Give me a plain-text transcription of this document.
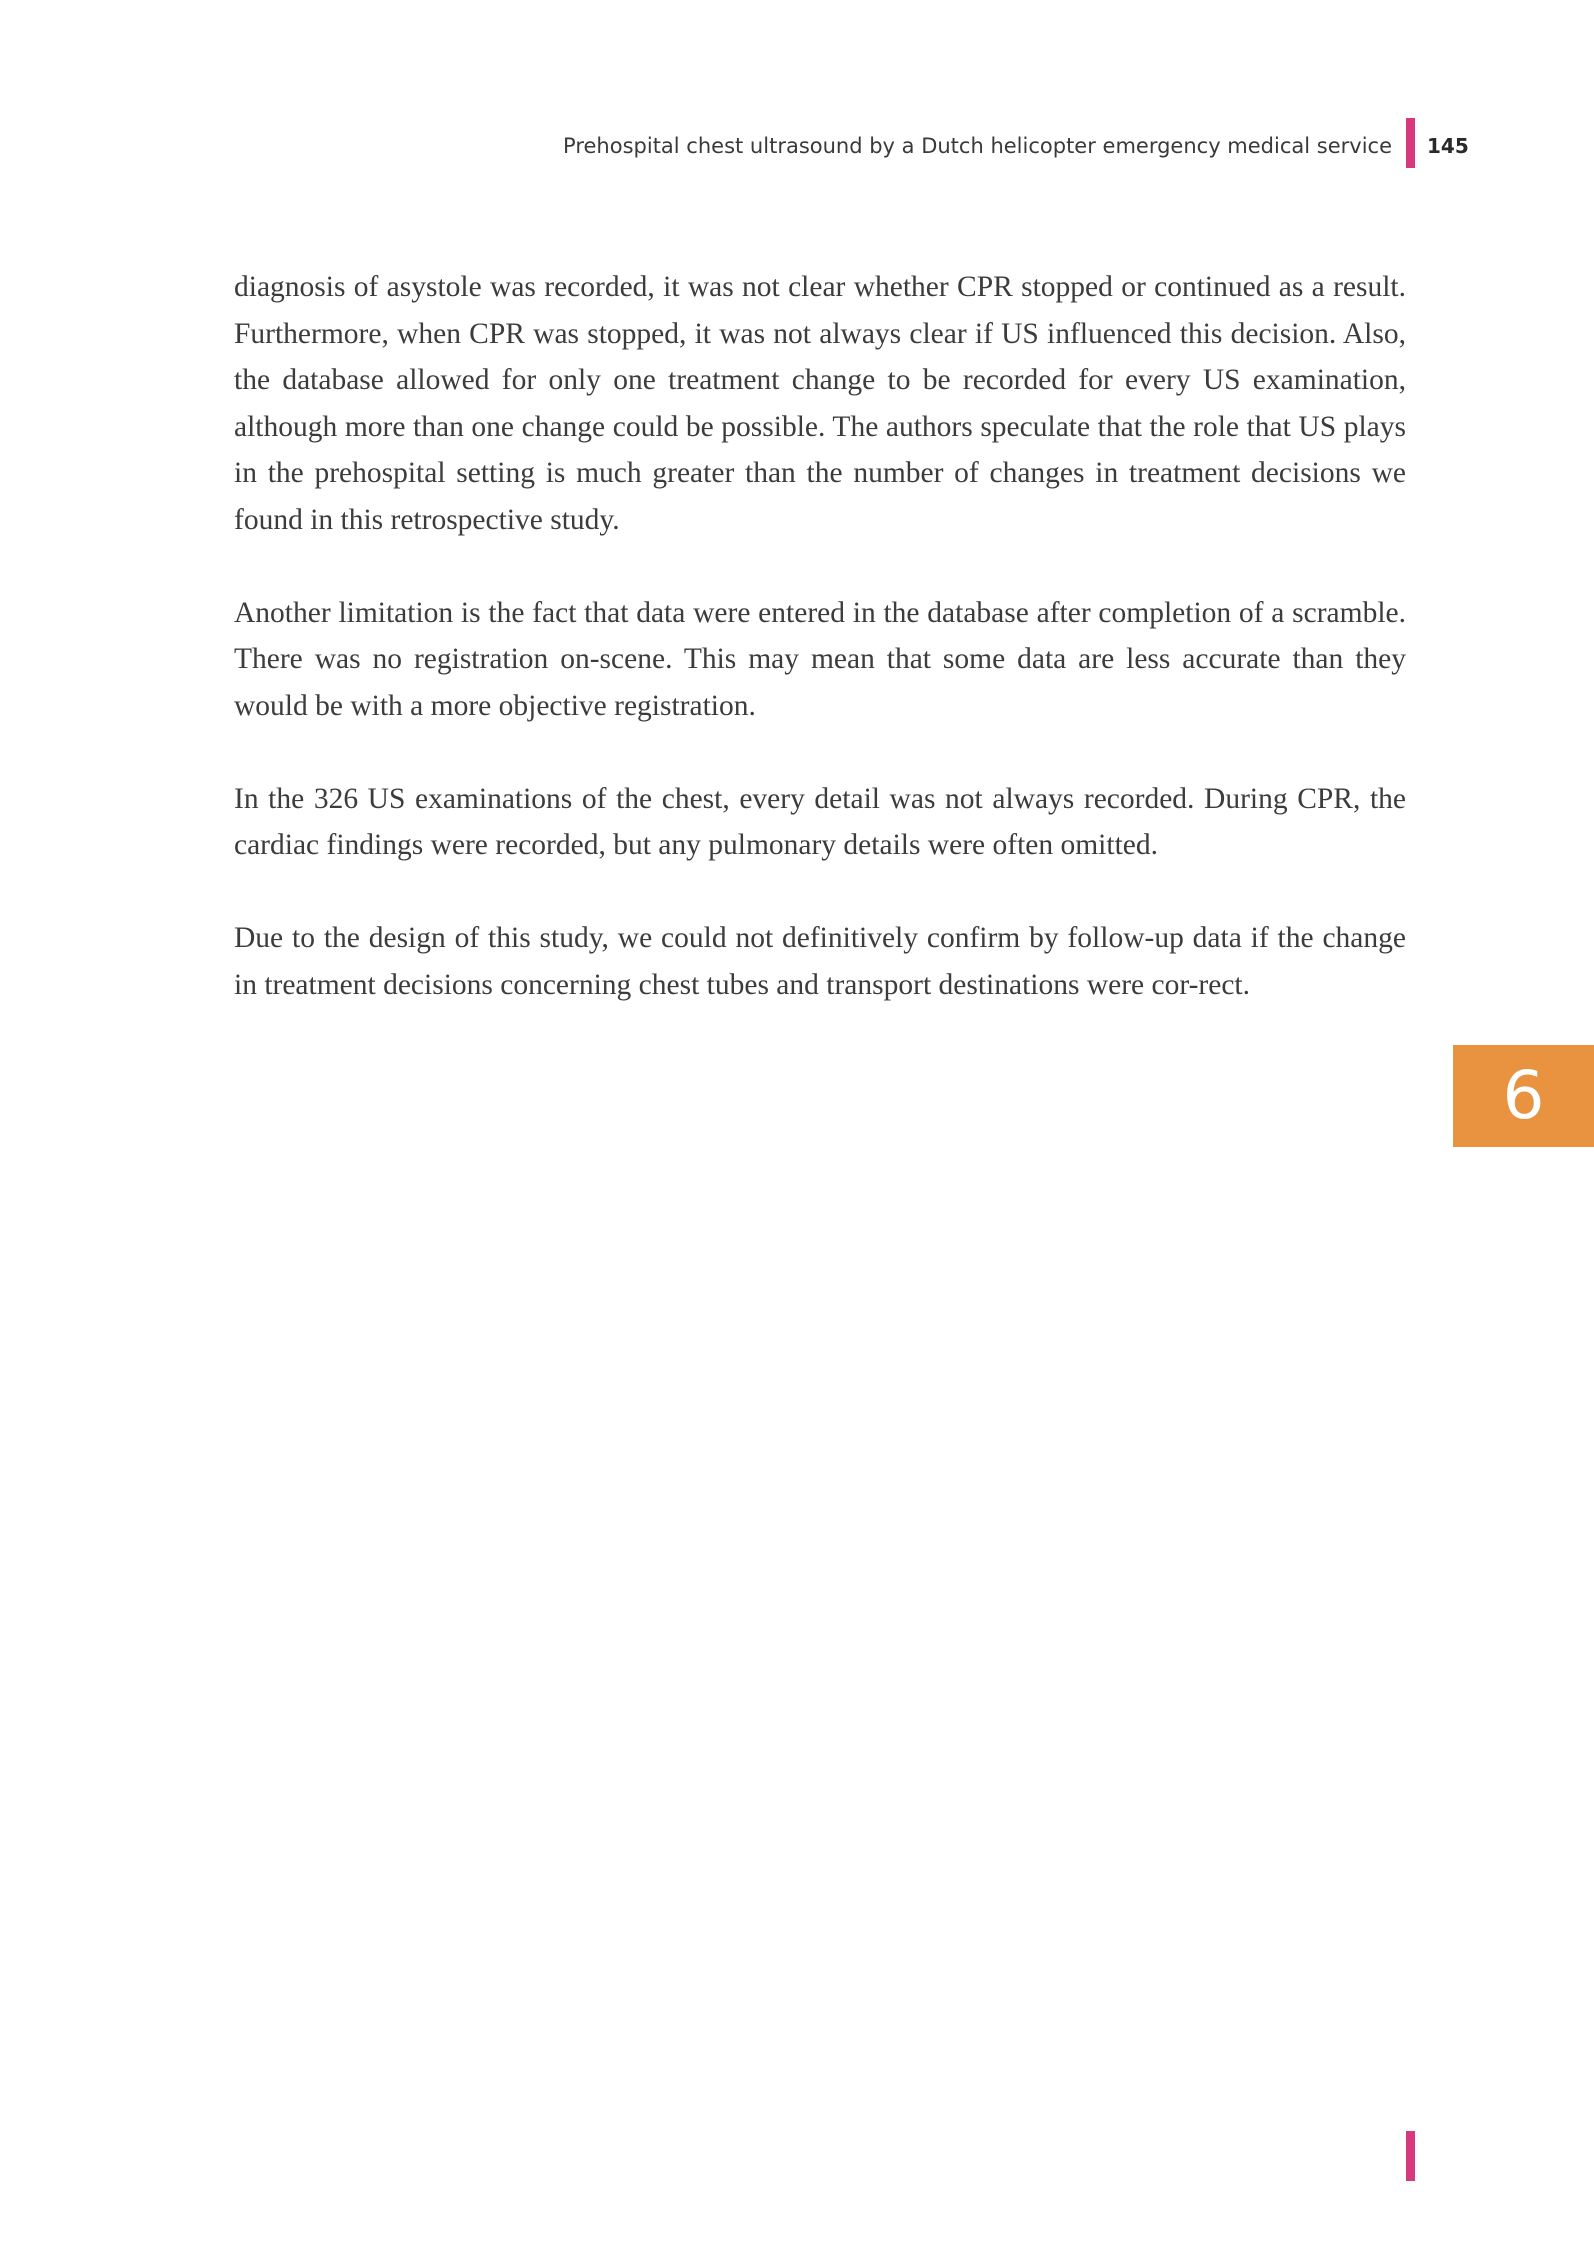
Prehospital chest ultrasound by a Dutch helicopter emergency medical service 145

diagnosis of asystole was recorded, it was not clear whether CPR stopped or continued as a result. Furthermore, when CPR was stopped, it was not always clear if US influenced this decision. Also, the database allowed for only one treatment change to be recorded for every US examination, although more than one change could be possible. The authors speculate that the role that US plays in the prehospital setting is much greater than the number of changes in treatment decisions we found in this retrospective study.

Another limitation is the fact that data were entered in the database after completion of a scramble. There was no registration on-scene. This may mean that some data are less accurate than they would be with a more objective registration.

In the 326 US examinations of the chest, every detail was not always recorded. During CPR, the cardiac findings were recorded, but any pulmonary details were often omitted.

Due to the design of this study, we could not definitively confirm by follow-up data if the change in treatment decisions concerning chest tubes and transport destinations were cor-rect.

6
